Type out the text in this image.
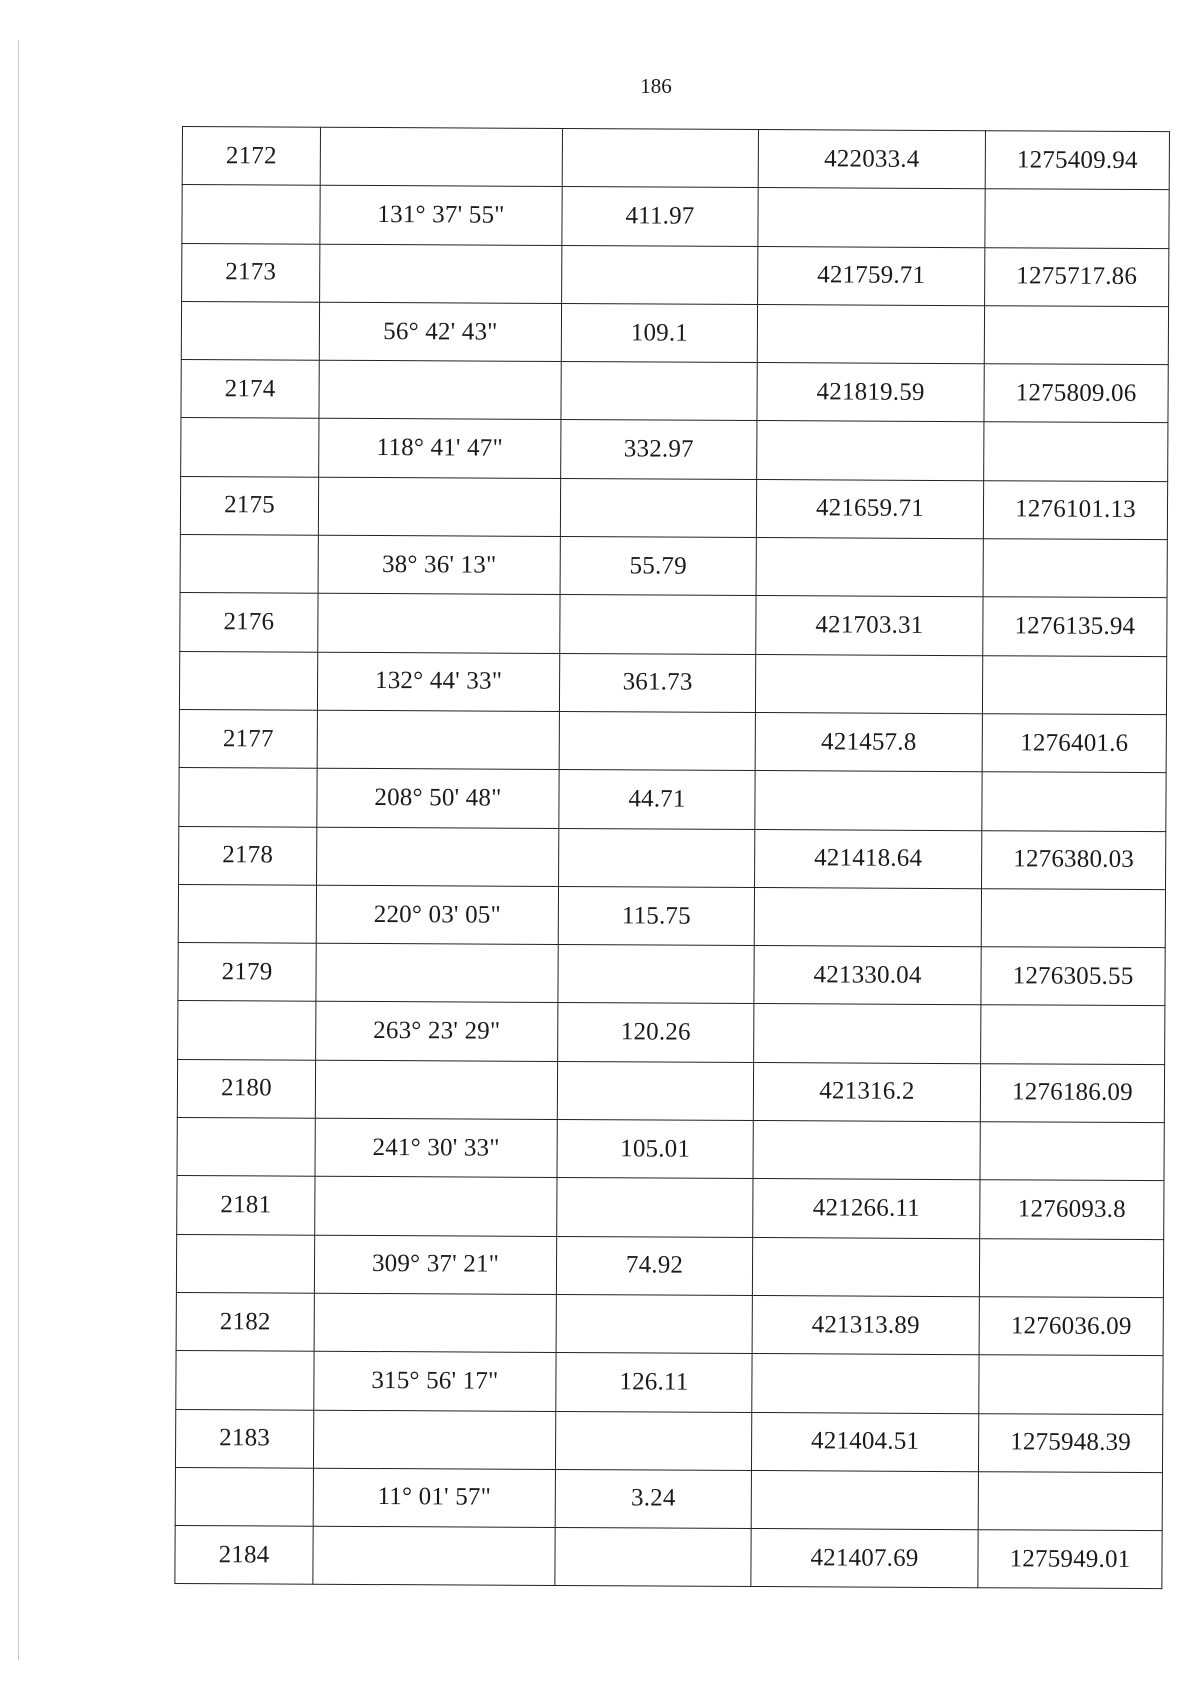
186
2172			422033.4	1275409.94
	131° 37' 55"	411.97		
2173			421759.71	1275717.86
	56° 42' 43"	109.1		
2174			421819.59	1275809.06
	118° 41' 47"	332.97		
2175			421659.71	1276101.13
	38° 36' 13"	55.79		
2176			421703.31	1276135.94
	132° 44' 33"	361.73		
2177			421457.8	1276401.6
	208° 50' 48"	44.71		
2178			421418.64	1276380.03
	220° 03' 05"	115.75		
2179			421330.04	1276305.55
	263° 23' 29"	120.26		
2180			421316.2	1276186.09
	241° 30' 33"	105.01		
2181			421266.11	1276093.8
	309° 37' 21"	74.92		
2182			421313.89	1276036.09
	315° 56' 17"	126.11		
2183			421404.51	1275948.39
	11° 01' 57"	3.24		
2184			421407.69	1275949.01
